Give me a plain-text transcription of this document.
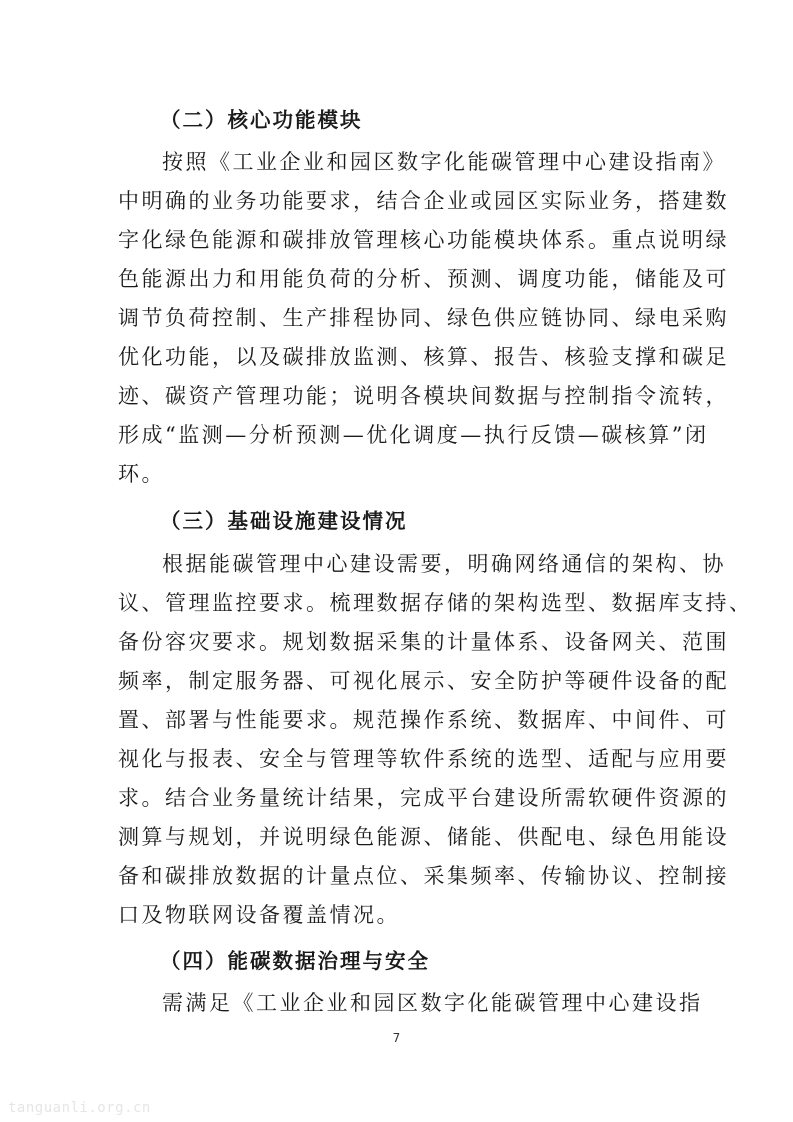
（二）核心功能模块
按照《工业企业和园区数字化能碳管理中心建设指南》
中明确的业务功能要求，结合企业或园区实际业务，搭建数
字化绿色能源和碳排放管理核心功能模块体系。重点说明绿
色能源出力和用能负荷的分析、预测、调度功能，储能及可
调节负荷控制、生产排程协同、绿色供应链协同、绿电采购
优化功能，以及碳排放监测、核算、报告、核验支撑和碳足
迹、碳资产管理功能；说明各模块间数据与控制指令流转，
形成“监测—分析预测—优化调度—执行反馈—碳核算”闭
环。
（三）基础设施建设情况
根据能碳管理中心建设需要，明确网络通信的架构、协
议、管理监控要求。梳理数据存储的架构选型、数据库支持、
备份容灾要求。规划数据采集的计量体系、设备网关、范围
频率，制定服务器、可视化展示、安全防护等硬件设备的配
置、部署与性能要求。规范操作系统、数据库、中间件、可
视化与报表、安全与管理等软件系统的选型、适配与应用要
求。结合业务量统计结果，完成平台建设所需软硬件资源的
测算与规划，并说明绿色能源、储能、供配电、绿色用能设
备和碳排放数据的计量点位、采集频率、传输协议、控制接
口及物联网设备覆盖情况。
（四）能碳数据治理与安全
需满足《工业企业和园区数字化能碳管理中心建设指
7
tanguanli.org.cn
